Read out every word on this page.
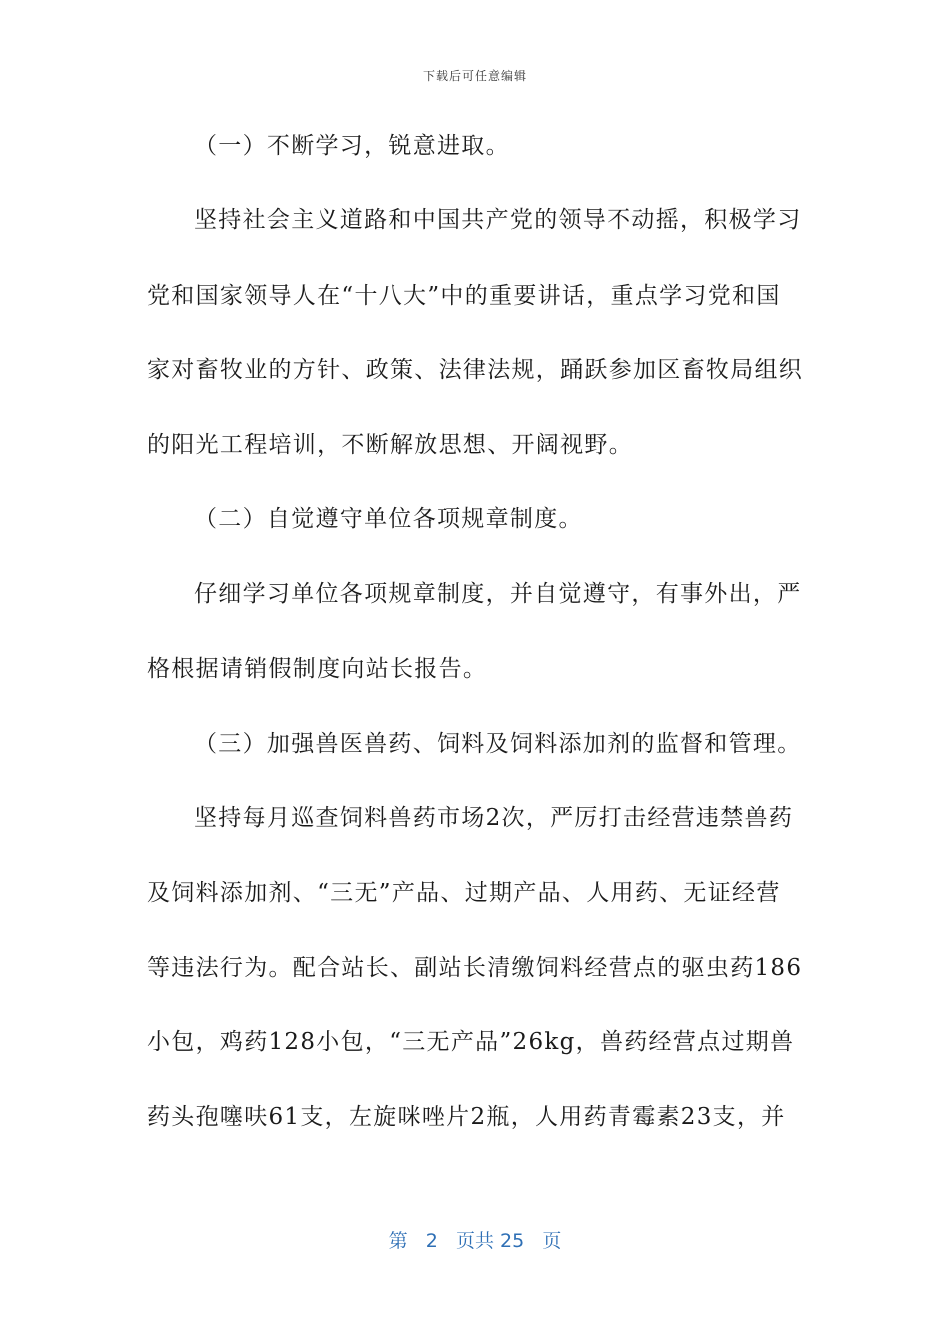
下载后可任意编辑
（一）不断学习，锐意进取。
坚持社会主义道路和中国共产党的领导不动摇，积极学习
党和国家领导人在“十八大”中的重要讲话，重点学习党和国
家对畜牧业的方针、政策、法律法规，踊跃参加区畜牧局组织
的阳光工程培训，不断解放思想、开阔视野。
（二）自觉遵守单位各项规章制度。
仔细学习单位各项规章制度，并自觉遵守，有事外出，严
格根据请销假制度向站长报告。
（三）加强兽医兽药、饲料及饲料添加剂的监督和管理。
坚持每月巡查饲料兽药市场2次，严厉打击经营违禁兽药
及饲料添加剂、“三无”产品、过期产品、人用药、无证经营
等违法行为。配合站长、副站长清缴饲料经营点的驱虫药186
小包，鸡药128小包，“三无产品”26kg，兽药经营点过期兽
药头孢噻呋61支，左旋咪唑片2瓶，人用药青霉素23支，并
第 2 页共 25 页
